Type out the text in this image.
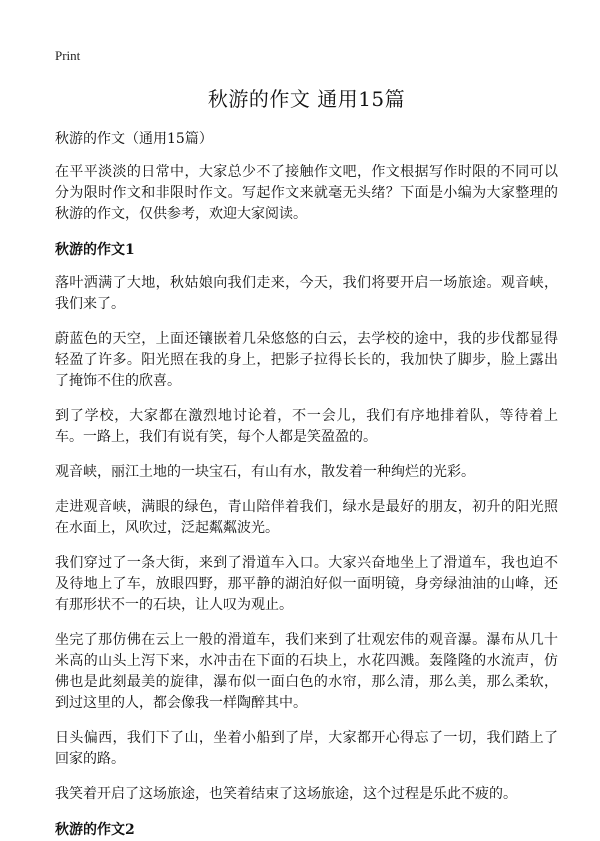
Print
秋游的作文 通用15篇
秋游的作文（通用15篇）

在平平淡淡的日常中，大家总少不了接触作文吧，作文根据写作时限的不同可以分为限时作文和非限时作文。写起作文来就毫无头绪？下面是小编为大家整理的秋游的作文，仅供参考，欢迎大家阅读。

秋游的作文1

落叶洒满了大地，秋姑娘向我们走来，今天，我们将要开启一场旅途。观音峡，我们来了。

蔚蓝色的天空，上面还镶嵌着几朵悠悠的白云，去学校的途中，我的步伐都显得轻盈了许多。阳光照在我的身上，把影子拉得长长的，我加快了脚步，脸上露出了掩饰不住的欣喜。

到了学校，大家都在激烈地讨论着，不一会儿，我们有序地排着队，等待着上车。一路上，我们有说有笑，每个人都是笑盈盈的。

观音峡，丽江土地的一块宝石，有山有水，散发着一种绚烂的光彩。

走进观音峡，满眼的绿色，青山陪伴着我们，绿水是最好的朋友，初升的阳光照在水面上，风吹过，泛起粼粼波光。

我们穿过了一条大街，来到了滑道车入口。大家兴奋地坐上了滑道车，我也迫不及待地上了车，放眼四野，那平静的湖泊好似一面明镜，身旁绿油油的山峰，还有那形状不一的石块，让人叹为观止。

坐完了那仿佛在云上一般的滑道车，我们来到了壮观宏伟的观音瀑。瀑布从几十米高的山头上泻下来，水冲击在下面的石块上，水花四溅。轰隆隆的水流声，仿佛也是此刻最美的旋律，瀑布似一面白色的水帘，那么清，那么美，那么柔软，到过这里的人，都会像我一样陶醉其中。

日头偏西，我们下了山，坐着小船到了岸，大家都开心得忘了一切，我们踏上了回家的路。

我笑着开启了这场旅途，也笑着结束了这场旅途，这个过程是乐此不疲的。

秋游的作文2
